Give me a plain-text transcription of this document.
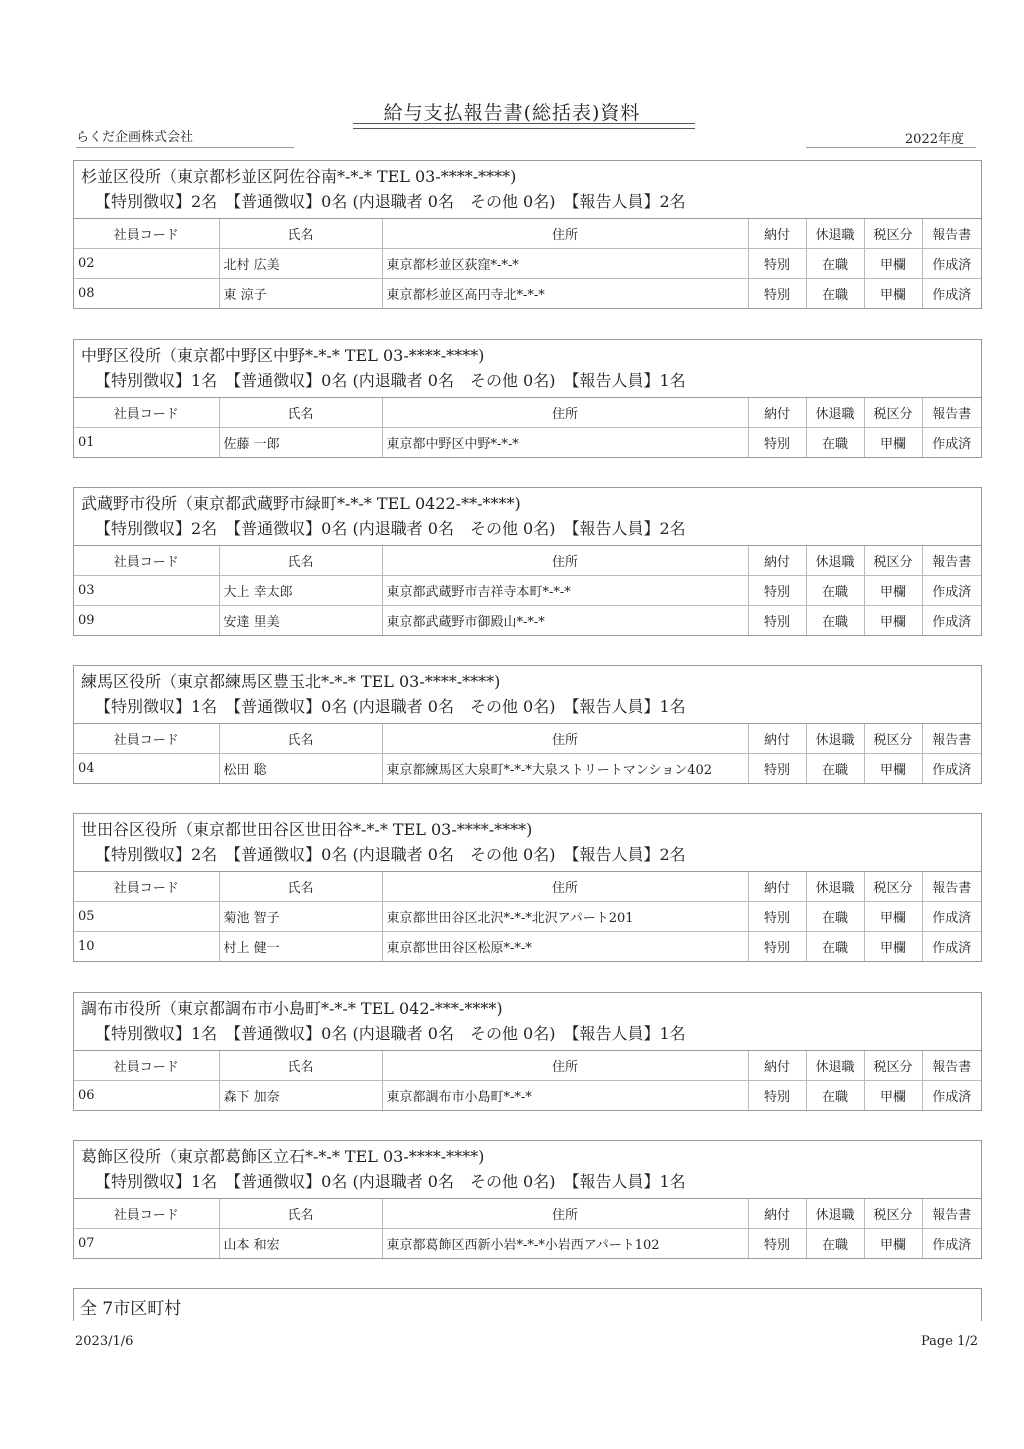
給与支払報告書(総括表)資料
らくだ企画株式会社	2022年度
杉並区役所（東京都杉並区阿佐谷南*-*-* TEL 03-****-****)
【特別徴収】2名　【普通徴収】0名 (内退職者 0名　その他 0名)　【報告人員】2名
社員コード	氏名	住所	納付	休退職	税区分	報告書
02	北村 広美	東京都杉並区荻窪*-*-*	特別	在職	甲欄	作成済
08	東 涼子	東京都杉並区高円寺北*-*-*	特別	在職	甲欄	作成済
中野区役所（東京都中野区中野*-*-* TEL 03-****-****)
【特別徴収】1名　【普通徴収】0名 (内退職者 0名　その他 0名)　【報告人員】1名
社員コード	氏名	住所	納付	休退職	税区分	報告書
01	佐藤 一郎	東京都中野区中野*-*-*	特別	在職	甲欄	作成済
武蔵野市役所（東京都武蔵野市緑町*-*-* TEL 0422-**-****)
【特別徴収】2名　【普通徴収】0名 (内退職者 0名　その他 0名)　【報告人員】2名
社員コード	氏名	住所	納付	休退職	税区分	報告書
03	大上 幸太郎	東京都武蔵野市吉祥寺本町*-*-*	特別	在職	甲欄	作成済
09	安達 里美	東京都武蔵野市御殿山*-*-*	特別	在職	甲欄	作成済
練馬区役所（東京都練馬区豊玉北*-*-* TEL 03-****-****)
【特別徴収】1名　【普通徴収】0名 (内退職者 0名　その他 0名)　【報告人員】1名
社員コード	氏名	住所	納付	休退職	税区分	報告書
04	松田 聡	東京都練馬区大泉町*-*-*大泉ストリートマンション402	特別	在職	甲欄	作成済
世田谷区役所（東京都世田谷区世田谷*-*-* TEL 03-****-****)
【特別徴収】2名　【普通徴収】0名 (内退職者 0名　その他 0名)　【報告人員】2名
社員コード	氏名	住所	納付	休退職	税区分	報告書
05	菊池 智子	東京都世田谷区北沢*-*-*北沢アパート201	特別	在職	甲欄	作成済
10	村上 健一	東京都世田谷区松原*-*-*	特別	在職	甲欄	作成済
調布市役所（東京都調布市小島町*-*-* TEL 042-***-****)
【特別徴収】1名　【普通徴収】0名 (内退職者 0名　その他 0名)　【報告人員】1名
社員コード	氏名	住所	納付	休退職	税区分	報告書
06	森下 加奈	東京都調布市小島町*-*-*	特別	在職	甲欄	作成済
葛飾区役所（東京都葛飾区立石*-*-* TEL 03-****-****)
【特別徴収】1名　【普通徴収】0名 (内退職者 0名　その他 0名)　【報告人員】1名
社員コード	氏名	住所	納付	休退職	税区分	報告書
07	山本 和宏	東京都葛飾区西新小岩*-*-*小岩西アパート102	特別	在職	甲欄	作成済
全 7市区町村
2023/1/6	Page 1/2
